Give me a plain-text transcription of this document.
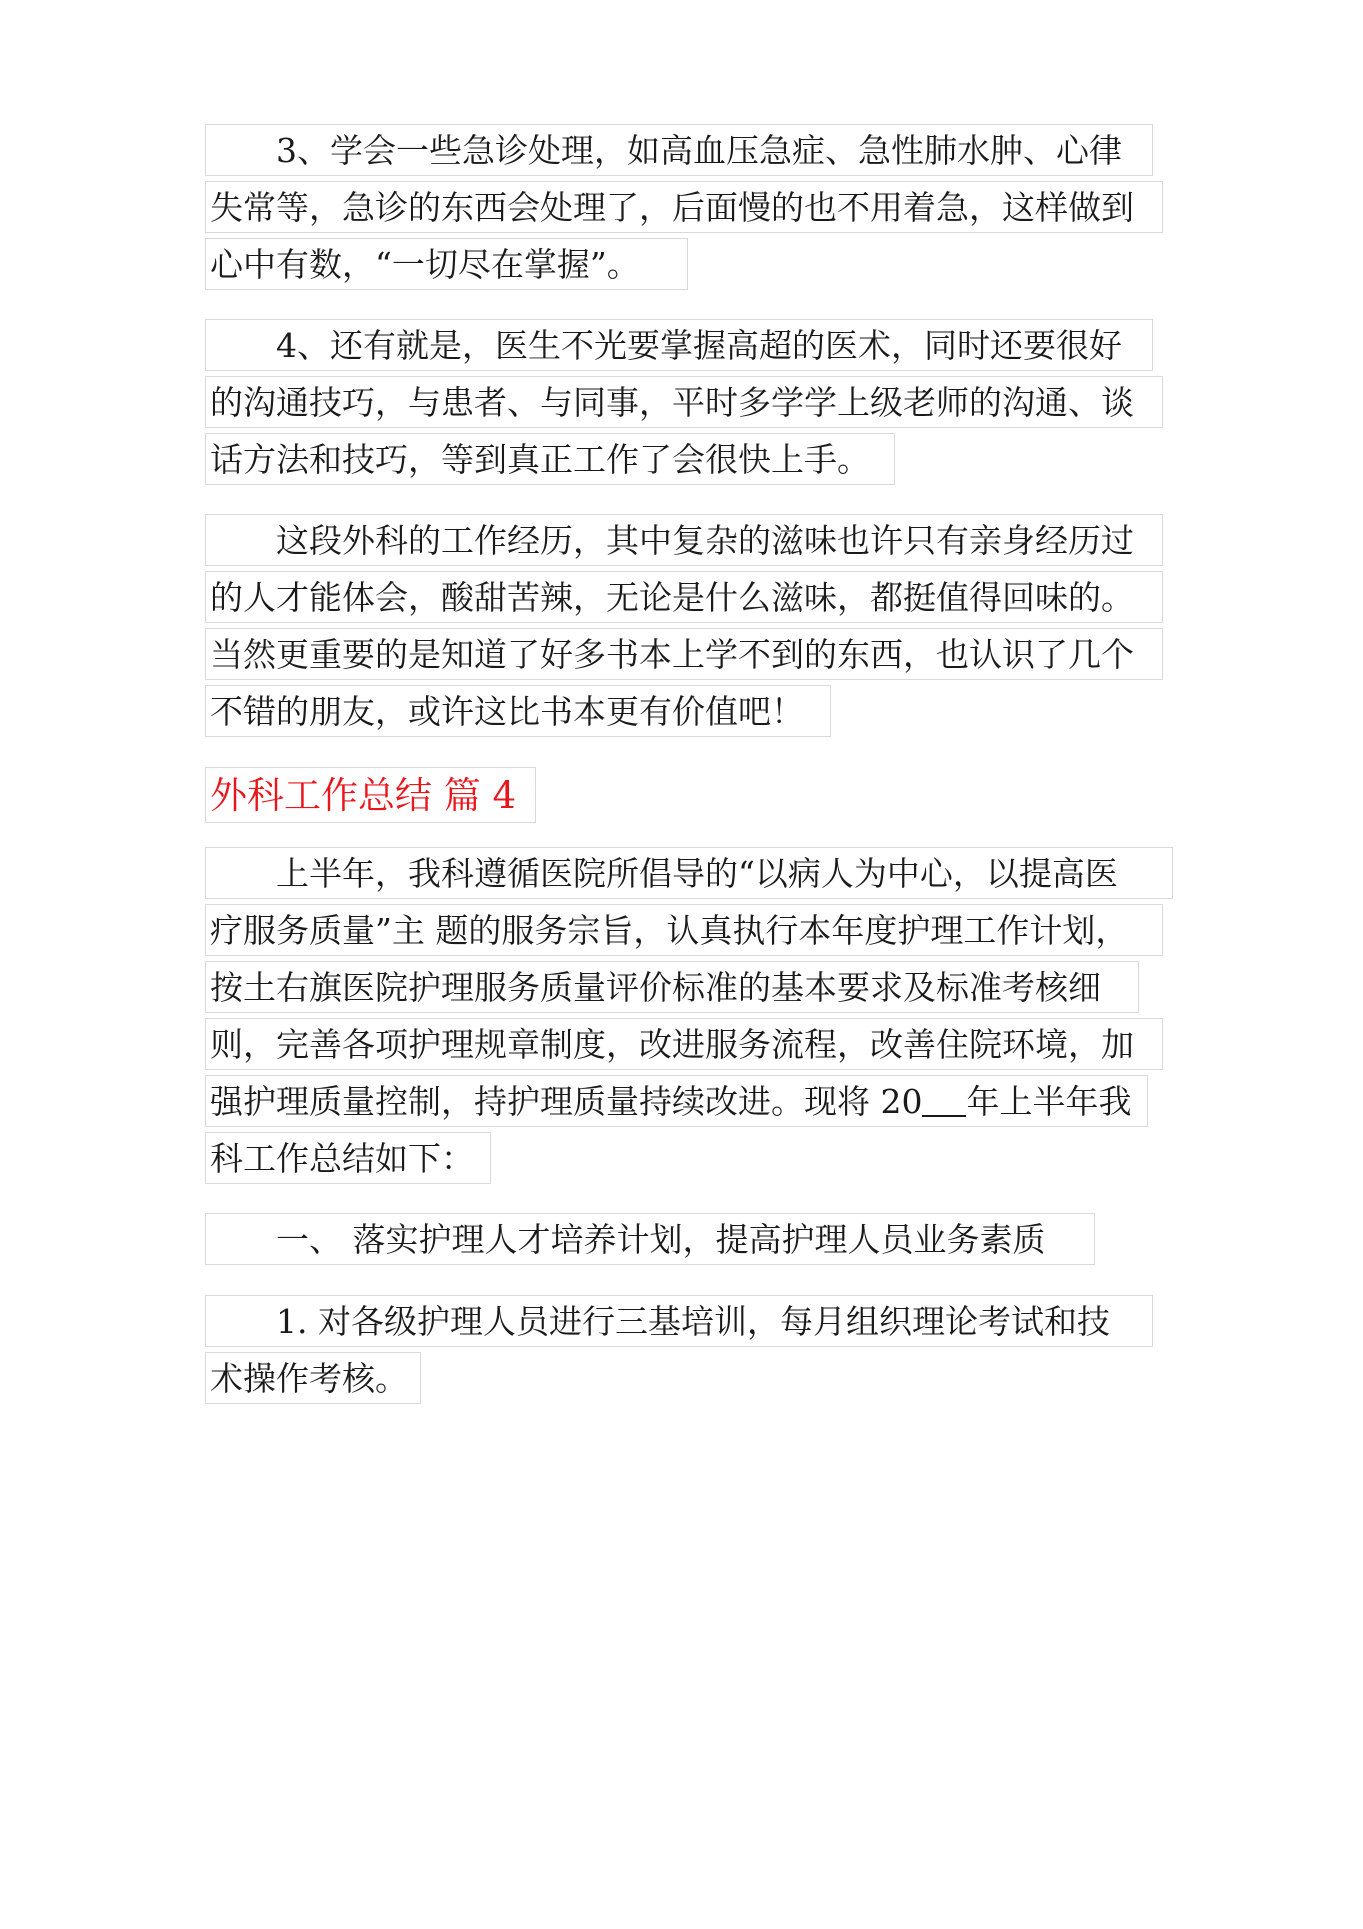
3、学会一些急诊处理，如高血压急症、急性肺水肿、心律
失常等，急诊的东西会处理了，后面慢的也不用着急，这样做到
心中有数，“一切尽在掌握”。
4、还有就是，医生不光要掌握高超的医术，同时还要很好
的沟通技巧，与患者、与同事，平时多学学上级老师的沟通、谈
话方法和技巧，等到真正工作了会很快上手。
这段外科的工作经历，其中复杂的滋味也许只有亲身经历过
的人才能体会，酸甜苦辣，无论是什么滋味，都挺值得回味的。
当然更重要的是知道了好多书本上学不到的东西，也认识了几个
不错的朋友，或许这比书本更有价值吧！
外科工作总结 篇 4
上半年，我科遵循医院所倡导的“以病人为中心，以提高医
疗服务质量”主 题的服务宗旨，认真执行本年度护理工作计划，
按土右旗医院护理服务质量评价标准的基本要求及标准考核细
则，完善各项护理规章制度，改进服务流程，改善住院环境，加
强护理质量控制，持护理质量持续改进。现将 20 年上半年我
科工作总结如下：
一、 落实护理人才培养计划，提高护理人员业务素质
1. 对各级护理人员进行三基培训，每月组织理论考试和技
术操作考核。
